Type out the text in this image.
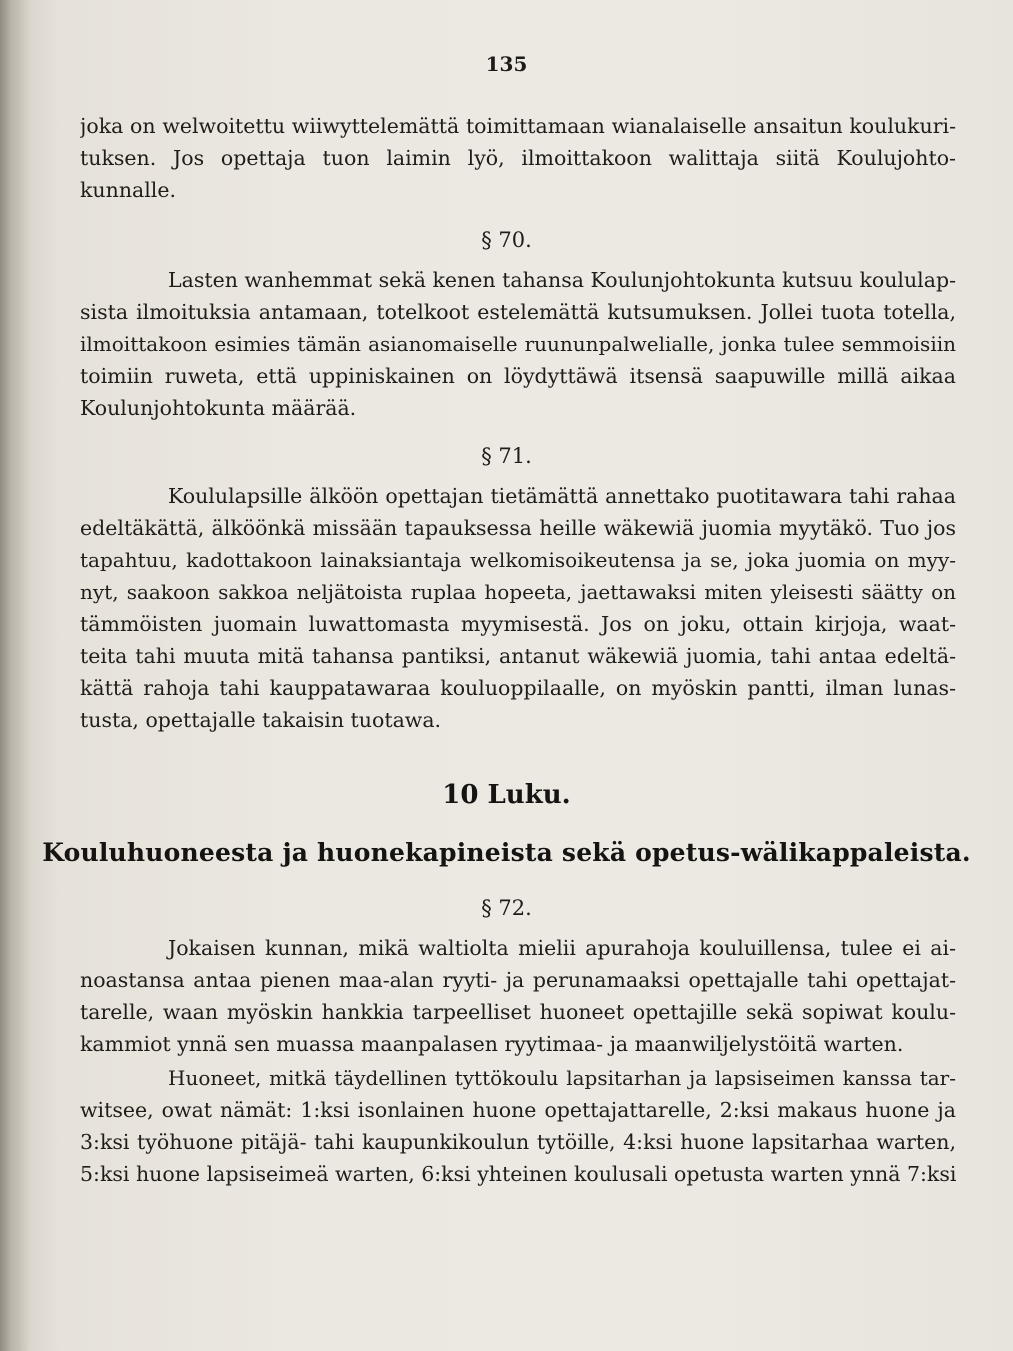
135
joka on welwoitettu wiiwyttelemättä toimittamaan wianalaiselle ansaitun koulukuri-
tuksen. Jos opettaja tuon laimin lyö, ilmoittakoon walittaja siitä Koulujohto-
kunnalle.
§ 70.
Lasten wanhemmat sekä kenen tahansa Koulunjohtokunta kutsuu koululap-
sista ilmoituksia antamaan, totelkoot estelemättä kutsumuksen. Jollei tuota totella,
ilmoittakoon esimies tämän asianomaiselle ruununpalwelialle, jonka tulee semmoisiin
toimiin ruweta, että uppiniskainen on löydyttäwä itsensä saapuwille millä aikaa
Koulunjohtokunta määrää.
§ 71.
Koululapsille älköön opettajan tietämättä annettako puotitawara tahi rahaa
edeltäkättä, älköönkä missään tapauksessa heille wäkewiä juomia myytäkö. Tuo jos
tapahtuu, kadottakoon lainaksiantaja welkomisoikeutensa ja se, joka juomia on myy-
nyt, saakoon sakkoa neljätoista ruplaa hopeeta, jaettawaksi miten yleisesti säätty on
tämmöisten juomain luwattomasta myymisestä. Jos on joku, ottain kirjoja, waat-
teita tahi muuta mitä tahansa pantiksi, antanut wäkewiä juomia, tahi antaa edeltä-
kättä rahoja tahi kauppatawaraa kouluoppilaalle, on myöskin pantti, ilman lunas-
tusta, opettajalle takaisin tuotawa.
10 Luku.
Kouluhuoneesta ja huonekapineista sekä opetus-wälikappaleista.
§ 72.
Jokaisen kunnan, mikä waltiolta mielii apurahoja kouluillensa, tulee ei ai-
noastansa antaa pienen maa-alan ryyti- ja perunamaaksi opettajalle tahi opettajat-
tarelle, waan myöskin hankkia tarpeelliset huoneet opettajille sekä sopiwat koulu-
kammiot ynnä sen muassa maanpalasen ryytimaa- ja maanwiljelystöitä warten.
Huoneet, mitkä täydellinen tyttökoulu lapsitarhan ja lapsiseimen kanssa tar-
witsee, owat nämät: 1:ksi isonlainen huone opettajattarelle, 2:ksi makaus huone ja
3:ksi työhuone pitäjä- tahi kaupunkikoulun tytöille, 4:ksi huone lapsitarhaa warten,
5:ksi huone lapsiseimeä warten, 6:ksi yhteinen koulusali opetusta warten ynnä 7:ksi
